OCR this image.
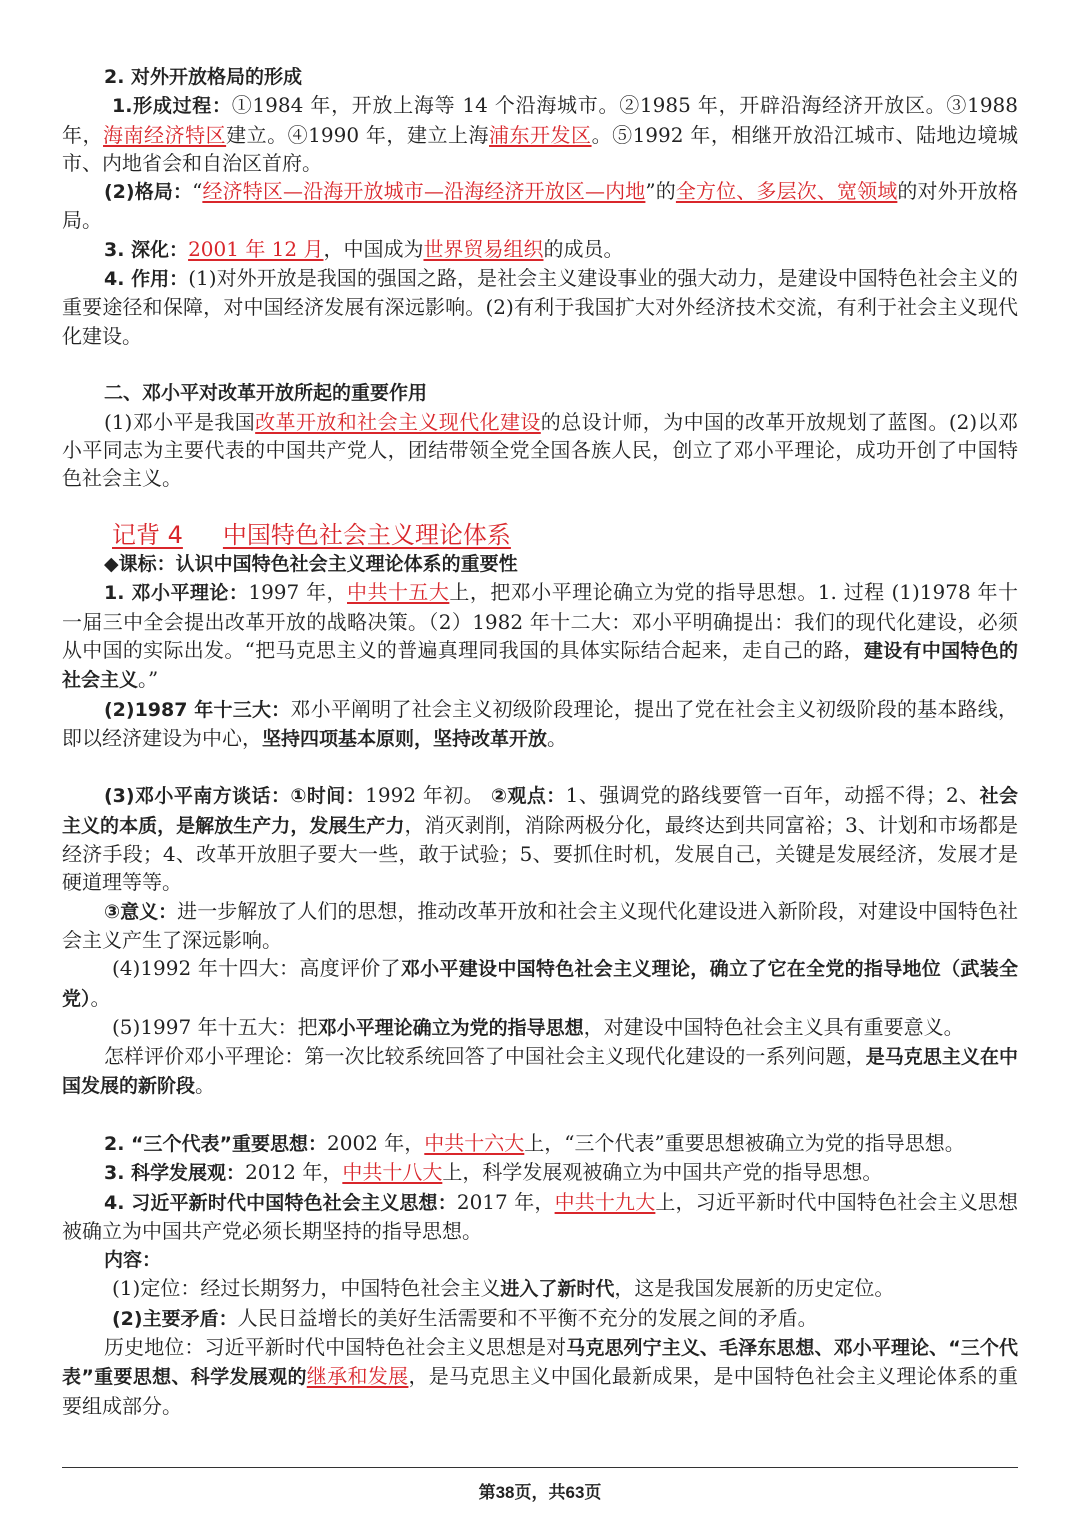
2. 对外开放格局的形成

1.形成过程：①1984 年，开放上海等 14 个沿海城市。②1985 年，开辟沿海经济开放区。③1988 年，海南经济特区建立。④1990 年，建立上海浦东开发区。⑤1992 年，相继开放沿江城市、陆地边境城市、内地省会和自治区首府。

(2)格局：“经济特区—沿海开放城市—沿海经济开放区—内地”的全方位、多层次、宽领域的对外开放格局。

3. 深化：2001 年 12 月，中国成为世界贸易组织的成员。

4. 作用：(1)对外开放是我国的强国之路，是社会主义建设事业的强大动力，是建设中国特色社会主义的重要途径和保障，对中国经济发展有深远影响。(2)有利于我国扩大对外经济技术交流，有利于社会主义现代化建设。

二、邓小平对改革开放所起的重要作用

(1)邓小平是我国改革开放和社会主义现代化建设的总设计师，为中国的改革开放规划了蓝图。(2)以邓小平同志为主要代表的中国共产党人，团结带领全党全国各族人民，创立了邓小平理论，成功开创了中国特色社会主义。

记背 4 中国特色社会主义理论体系

◆课标：认识中国特色社会主义理论体系的重要性

1. 邓小平理论：1997 年，中共十五大上，把邓小平理论确立为党的指导思想。1. 过程 (1)1978 年十一届三中全会提出改革开放的战略决策。（2）1982 年十二大：邓小平明确提出：我们的现代化建设，必须从中国的实际出发。“把马克思主义的普遍真理同我国的具体实际结合起来，走自己的路，建设有中国特色的社会主义。”

(2)1987 年十三大：邓小平阐明了社会主义初级阶段理论，提出了党在社会主义初级阶段的基本路线，即以经济建设为中心，坚持四项基本原则，坚持改革开放。

(3)邓小平南方谈话：①时间：1992 年初。 ②观点：1、强调党的路线要管一百年，动摇不得；2、社会主义的本质，是解放生产力，发展生产力，消灭剥削，消除两极分化，最终达到共同富裕；3、计划和市场都是经济手段；4、改革开放胆子要大一些，敢于试验；5、要抓住时机，发展自己，关键是发展经济，发展才是硬道理等等。

③意义：进一步解放了人们的思想，推动改革开放和社会主义现代化建设进入新阶段，对建设中国特色社会主义产生了深远影响。

(4)1992 年十四大：高度评价了邓小平建设中国特色社会主义理论，确立了它在全党的指导地位（武装全党）。

(5)1997 年十五大：把邓小平理论确立为党的指导思想，对建设中国特色社会主义具有重要意义。

怎样评价邓小平理论：第一次比较系统回答了中国社会主义现代化建设的一系列问题，是马克思主义在中国发展的新阶段。

2. “三个代表”重要思想：2002 年，中共十六大上，“三个代表”重要思想被确立为党的指导思想。

3. 科学发展观：2012 年，中共十八大上，科学发展观被确立为中国共产党的指导思想。

4. 习近平新时代中国特色社会主义思想：2017 年，中共十九大上，习近平新时代中国特色社会主义思想被确立为中国共产党必须长期坚持的指导思想。

内容：

(1)定位：经过长期努力，中国特色社会主义进入了新时代，这是我国发展新的历史定位。

(2)主要矛盾：人民日益增长的美好生活需要和不平衡不充分的发展之间的矛盾。

历史地位：习近平新时代中国特色社会主义思想是对马克思列宁主义、毛泽东思想、邓小平理论、“三个代表”重要思想、科学发展观的继承和发展，是马克思主义中国化最新成果，是中国特色社会主义理论体系的重要组成部分。

第38页，共63页
